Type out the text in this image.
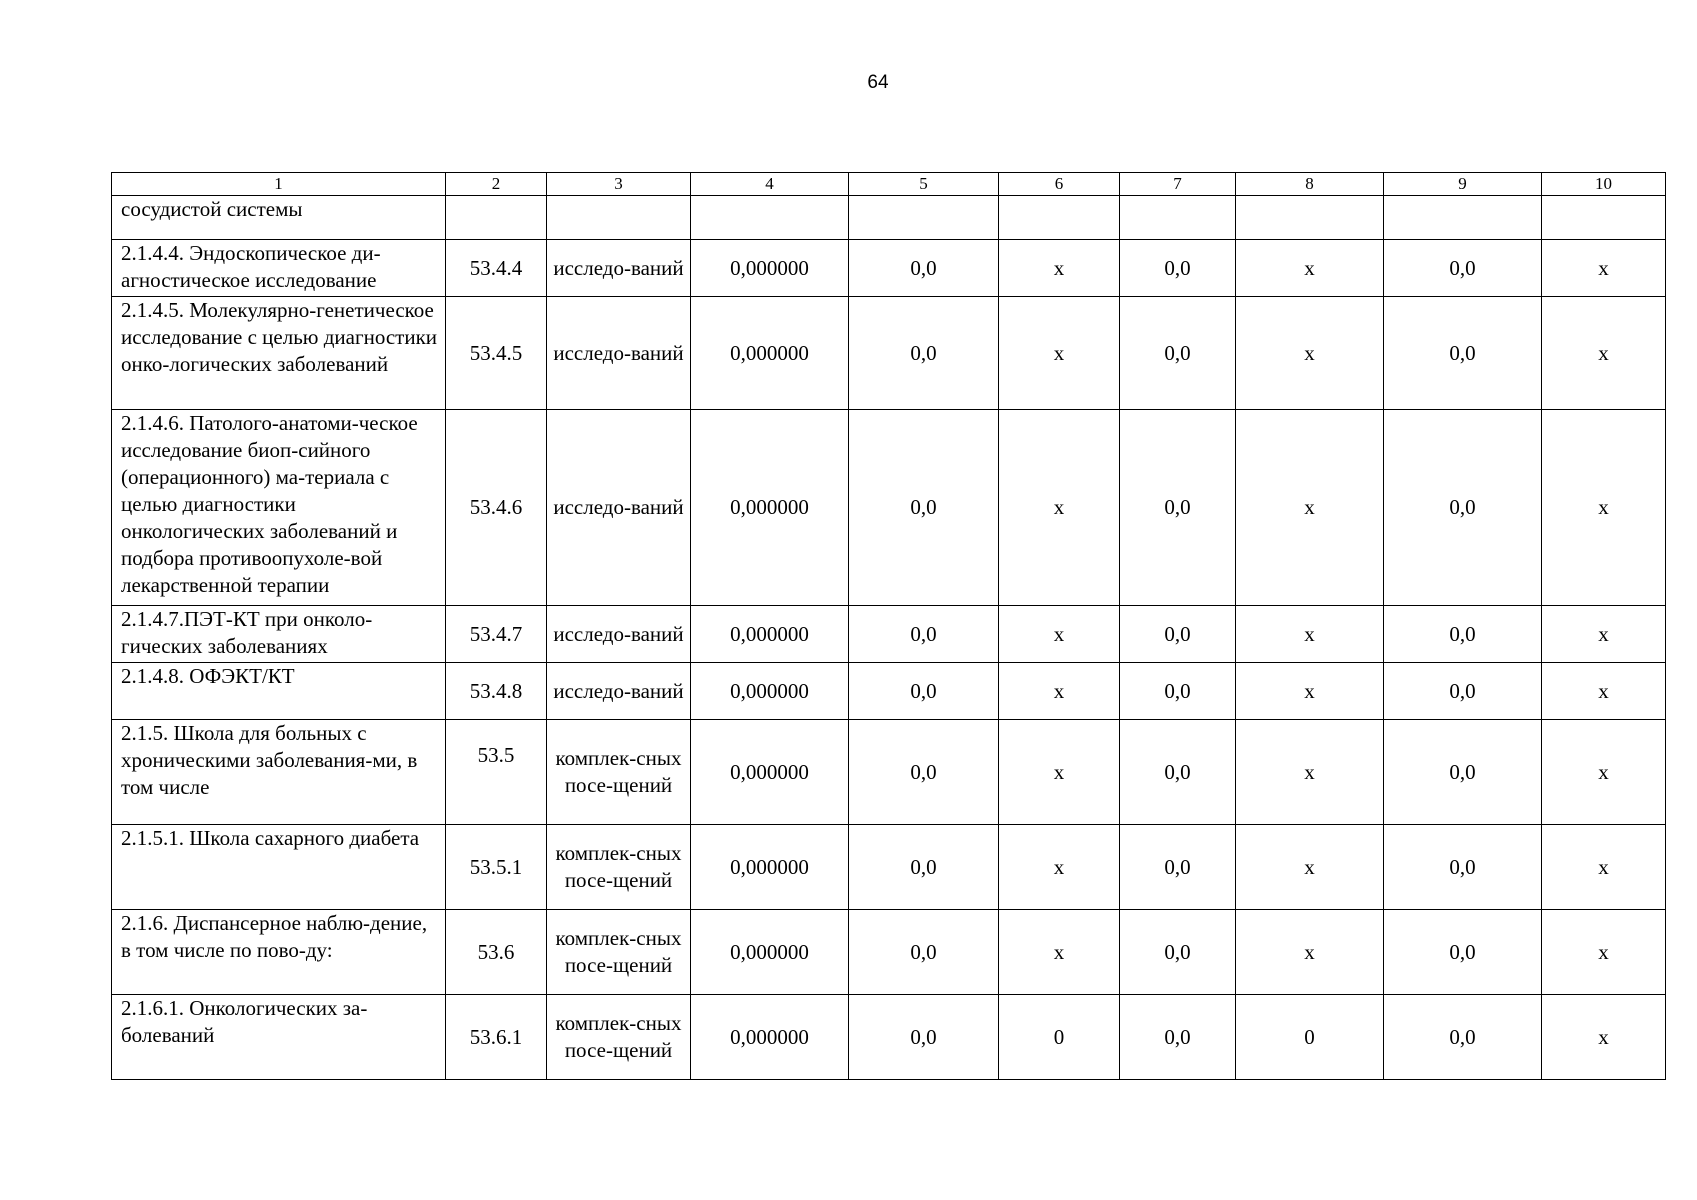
64
1	2	3	4	5	6	7	8	9	10
сосудистой системы									
2.1.4.4. Эндоскопическое ди-агностическое исследование	53.4.4	исследо-ваний	0,000000	0,0	х	0,0	х	0,0	х
2.1.4.5. Молекулярно-генетическое исследование с целью диагностики онко-логических заболеваний	53.4.5	исследо-ваний	0,000000	0,0	х	0,0	х	0,0	х
2.1.4.6. Патолого-анатоми-ческое исследование биоп-сийного (операционного) ма-териала с целью диагностики онкологических заболеваний и подбора противоопухоле-вой лекарственной терапии	53.4.6	исследо-ваний	0,000000	0,0	х	0,0	х	0,0	х
2.1.4.7.ПЭТ-КТ при онколо-гических заболеваниях	53.4.7	исследо-ваний	0,000000	0,0	х	0,0	х	0,0	х
2.1.4.8. ОФЭКТ/КТ	53.4.8	исследо-ваний	0,000000	0,0	х	0,0	х	0,0	х
2.1.5. Школа для больных с хроническими заболевания-ми, в том числе	53.5	комплек-сных посе-щений	0,000000	0,0	х	0,0	х	0,0	х
2.1.5.1. Школа сахарного диабета	53.5.1	комплек-сных посе-щений	0,000000	0,0	х	0,0	х	0,0	х
2.1.6. Диспансерное наблю-дение, в том числе по пово-ду:	53.6	комплек-сных посе-щений	0,000000	0,0	х	0,0	х	0,0	х
2.1.6.1. Онкологических за-болеваний	53.6.1	комплек-сных посе-щений	0,000000	0,0	0	0,0	0	0,0	х
